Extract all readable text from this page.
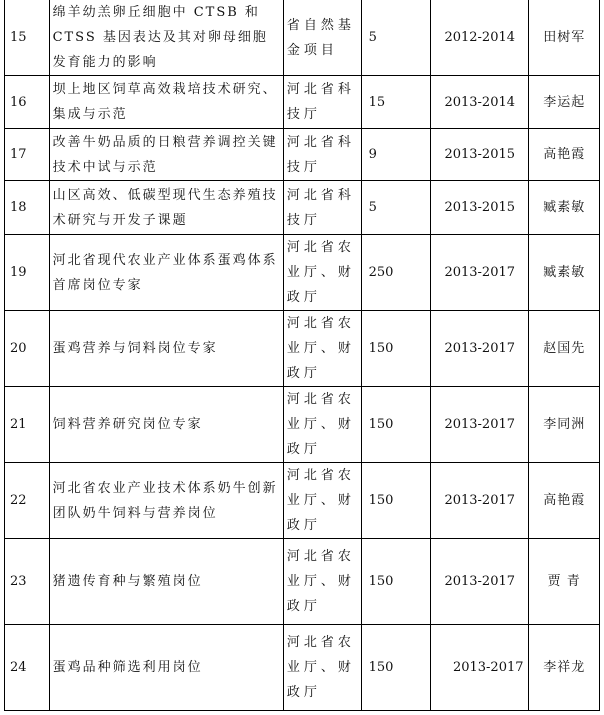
15	绵羊幼羔卵丘细胞中 CTSB 和 CTSS 基因表达及其对卵母细胞发育能力的影响	省自然基金项目	5	2012-2014	田树军
16	坝上地区饲草高效栽培技术研究、集成与示范	河北省科技厅	15	2013-2014	李运起
17	改善牛奶品质的日粮营养调控关键技术中试与示范	河北省科技厅	9	2013-2015	高艳霞
18	山区高效、低碳型现代生态养殖技术研究与开发子课题	河北省科技厅	5	2013-2015	臧素敏
19	河北省现代农业产业体系蛋鸡体系首席岗位专家	河北省农业厅、财政厅	250	2013-2017	臧素敏
20	蛋鸡营养与饲料岗位专家	河北省农业厅、财政厅	150	2013-2017	赵国先
21	饲料营养研究岗位专家	河北省农业厅、财政厅	150	2013-2017	李同洲
22	河北省农业产业技术体系奶牛创新团队奶牛饲料与营养岗位	河北省农业厅、财政厅	150	2013-2017	高艳霞
23	猪遗传育种与繁殖岗位	河北省农业厅、财政厅	150	2013-2017	贾 青
24	蛋鸡品种筛选利用岗位	河北省农业厅、财政厅	150	2013-2017	李祥龙
